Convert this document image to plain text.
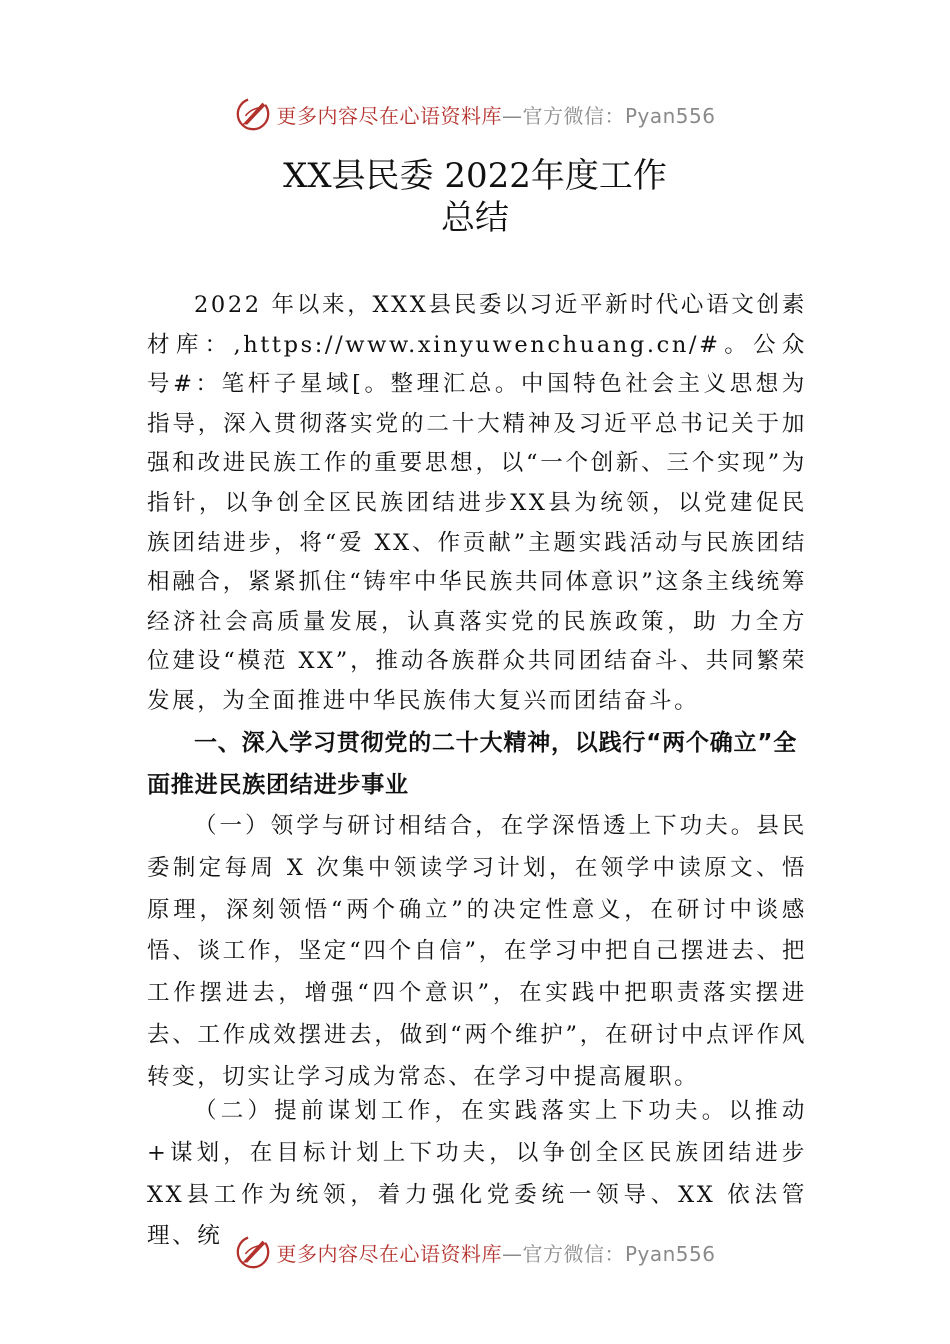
更多内容尽在心语资料库 —官方微信：Pyan556
XX县民委 2022年度工作
总结

2022 年以来，XXX县民委以习近平新时代心语文创素材库：,https://www.xinyuwenchuang.cn/#。公众号#：笔杆子星域[。整理汇总。中国特色社会主义思想为指导，深入贯彻落实党的二十大精神及习近平总书记关于加强和改进民族工作的重要思想，以“一个创新、三个实现”为指针，以争创全区民族团结进步XX县为统领，以党建促民族团结进步，将“爱 XX、作贡献”主题实践活动与民族团结相融合，紧紧抓住“铸牢中华民族共同体意识”这条主线统筹经济社会高质量发展，认真落实党的民族政策，助 力全方位建设“模范 XX”，推动各族群众共同团结奋斗、共同繁荣发展，为全面推进中华民族伟大复兴而团结奋斗。

一、深入学习贯彻党的二十大精神，以践行“两个确立”全面推进民族团结进步事业

（一）领学与研讨相结合，在学深悟透上下功夫。县民委制定每周 X 次集中领读学习计划，在领学中读原文、悟原理，深刻领悟“两个确立”的决定性意义，在研讨中谈感悟、谈工作，坚定“四个自信”，在学习中把自己摆进去、把工作摆进去，增强“四个意识”，在实践中把职责落实摆进去、工作成效摆进去，做到“两个维护”，在研讨中点评作风转变，切实让学习成为常态、在学习中提高履职。

（二）提前谋划工作，在实践落实上下功夫。以推动+谋划，在目标计划上下功夫，以争创全区民族团结进步XX县工作为统领，着力强化党委统一领导、XX 依法管理、统

更多内容尽在心语资料库 —官方微信：Pyan556
